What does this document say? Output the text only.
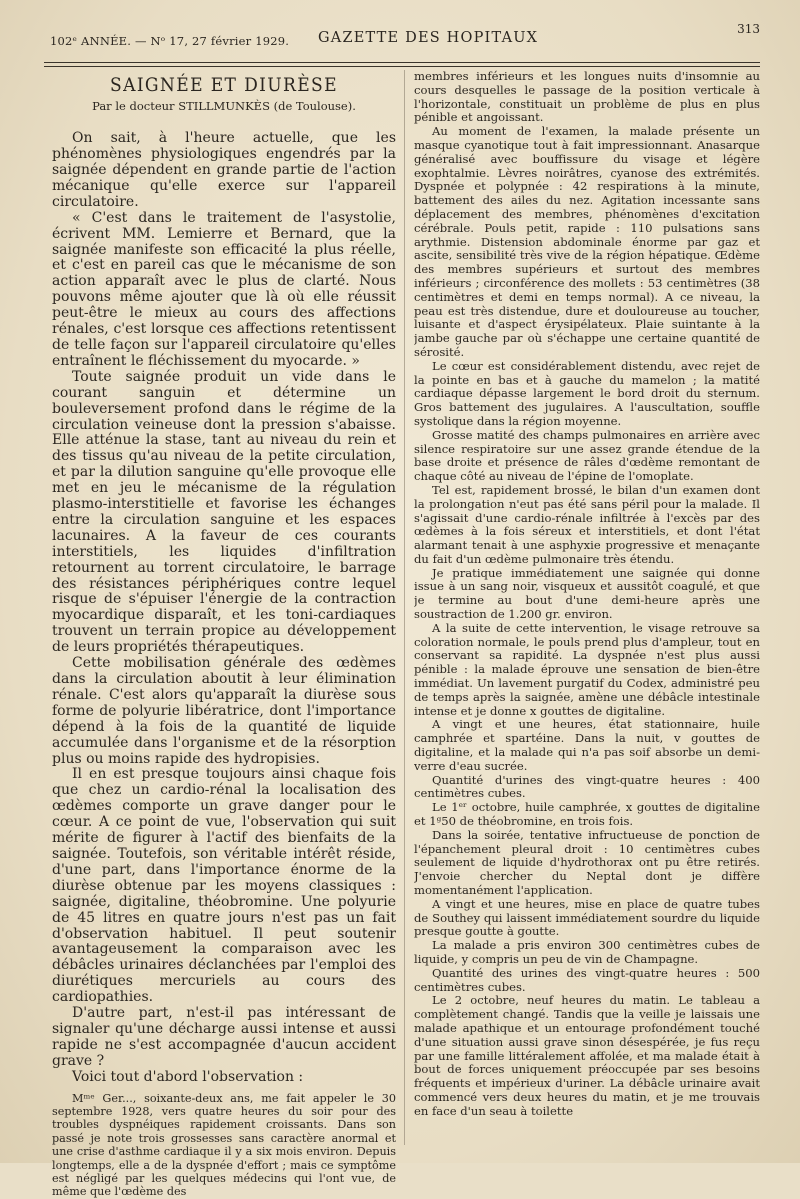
102ᵉ ANNÉE. — Nᵒ 17, 27 février 1929. GAZETTE DES HOPITAUX
313
SAIGNÉE ET DIURÈSE
Par le docteur STILLMUNKÈS (de Toulouse).

On sait, à l'heure actuelle, que les phénomènes physiologiques engendrés par la saignée dépendent en grande partie de l'action mécanique qu'elle exerce sur l'appareil circulatoire.

« C'est dans le traitement de l'asystolie, écrivent MM. Lemierre et Bernard, que la saignée manifeste son efficacité la plus réelle, et c'est en pareil cas que le mécanisme de son action apparaît avec le plus de clarté. Nous pouvons même ajouter que là où elle réussit peut-être le mieux au cours des affections rénales, c'est lorsque ces affections retentissent de telle façon sur l'appareil circulatoire qu'elles entraînent le fléchissement du myocarde. »

Toute saignée produit un vide dans le courant sanguin et détermine un bouleversement profond dans le régime de la circulation veineuse dont la pression s'abaisse. Elle atténue la stase, tant au niveau du rein et des tissus qu'au niveau de la petite circulation, et par la dilution sanguine qu'elle provoque elle met en jeu le mécanisme de la régulation plasmo-interstitielle et favorise les échanges entre la circulation sanguine et les espaces lacunaires. A la faveur de ces courants interstitiels, les liquides d'infiltration retournent au torrent circulatoire, le barrage des résistances périphériques contre lequel risque de s'épuiser l'énergie de la contraction myocardique disparaît, et les toni-cardiaques trouvent un terrain propice au développement de leurs propriétés thérapeutiques.

Cette mobilisation générale des œdèmes dans la circulation aboutit à leur élimination rénale. C'est alors qu'apparaît la diurèse sous forme de polyurie libératrice, dont l'importance dépend à la fois de la quantité de liquide accumulée dans l'organisme et de la résorption plus ou moins rapide des hydropisies.

Il en est presque toujours ainsi chaque fois que chez un cardio-rénal la localisation des œdèmes comporte un grave danger pour le cœur. A ce point de vue, l'observation qui suit mérite de figurer à l'actif des bienfaits de la saignée. Toutefois, son véritable intérêt réside, d'une part, dans l'importance énorme de la diurèse obtenue par les moyens classiques : saignée, digitaline, théobromine. Une polyurie de 45 litres en quatre jours n'est pas un fait d'observation habituel. Il peut soutenir avantageusement la comparaison avec les débâcles urinaires déclanchées par l'emploi des diurétiques mercuriels au cours des cardiopathies.

D'autre part, n'est-il pas intéressant de signaler qu'une décharge aussi intense et aussi rapide ne s'est accompagnée d'aucun accident grave ?

Voici tout d'abord l'observation :

Mᵐᵉ Ger..., soixante-deux ans, me fait appeler le 30 septembre 1928, vers quatre heures du soir pour des troubles dyspnéiques rapidement croissants. Dans son passé je note trois grossesses sans caractère anormal et une crise d'asthme cardiaque il y a six mois environ. Depuis longtemps, elle a de la dyspnée d'effort ; mais ce symptôme est négligé par les quelques médecins qui l'ont vue, de même que l'œdème des

membres inférieurs et les longues nuits d'insomnie au cours desquelles le passage de la position verticale à l'horizontale, constituait un problème de plus en plus pénible et angoissant.

Au moment de l'examen, la malade présente un masque cyanotique tout à fait impressionnant. Anasarque généralisé avec bouffissure du visage et légère exophtalmie. Lèvres noirâtres, cyanose des extrémités. Dyspnée et polypnée : 42 respirations à la minute, battement des ailes du nez. Agitation incessante sans déplacement des membres, phénomènes d'excitation cérébrale. Pouls petit, rapide : 110 pulsations sans arythmie. Distension abdominale énorme par gaz et ascite, sensibilité très vive de la région hépatique. Œdème des membres supérieurs et surtout des membres inférieurs ; circonférence des mollets : 53 centimètres (38 centimètres et demi en temps normal). A ce niveau, la peau est très distendue, dure et douloureuse au toucher, luisante et d'aspect érysipélateux. Plaie suintante à la jambe gauche par où s'échappe une certaine quantité de sérosité.

Le cœur est considérablement distendu, avec rejet de la pointe en bas et à gauche du mamelon ; la matité cardiaque dépasse largement le bord droit du sternum. Gros battement des jugulaires. A l'auscultation, souffle systolique dans la région moyenne.

Grosse matité des champs pulmonaires en arrière avec silence respiratoire sur une assez grande étendue de la base droite et présence de râles d'œdème remontant de chaque côté au niveau de l'épine de l'omoplate.

Tel est, rapidement brossé, le bilan d'un examen dont la prolongation n'eut pas été sans péril pour la malade. Il s'agissait d'une cardio-rénale infiltrée à l'excès par des œdèmes à la fois séreux et interstitiels, et dont l'état alarmant tenait à une asphyxie progressive et menaçante du fait d'un œdème pulmonaire très étendu.

Je pratique immédiatement une saignée qui donne issue à un sang noir, visqueux et aussitôt coagulé, et que je termine au bout d'une demi-heure après une soustraction de 1.200 gr. environ.

A la suite de cette intervention, le visage retrouve sa coloration normale, le pouls prend plus d'ampleur, tout en conservant sa rapidité. La dyspnée n'est plus aussi pénible : la malade éprouve une sensation de bien-être immédiat. Un lavement purgatif du Codex, administré peu de temps après la saignée, amène une débâcle intestinale intense et je donne x gouttes de digitaline.

A vingt et une heures, état stationnaire, huile camphrée et spartéine. Dans la nuit, v gouttes de digitaline, et la malade qui n'a pas soif absorbe un demi-verre d'eau sucrée.

Quantité d'urines des vingt-quatre heures : 400 centimètres cubes.

Le 1ᵉʳ octobre, huile camphrée, x gouttes de digitaline et 1ᵍ50 de théobromine, en trois fois.

Dans la soirée, tentative infructueuse de ponction de l'épanchement pleural droit : 10 centimètres cubes seulement de liquide d'hydrothorax ont pu être retirés. J'envoie chercher du Neptal dont je diffère momentanément l'application.

A vingt et une heures, mise en place de quatre tubes de Southey qui laissent immédiatement sourdre du liquide presque goutte à goutte.

La malade a pris environ 300 centimètres cubes de liquide, y compris un peu de vin de Champagne.

Quantité des urines des vingt-quatre heures : 500 centimètres cubes.

Le 2 octobre, neuf heures du matin. Le tableau a complètement changé. Tandis que la veille je laissais une malade apathique et un entourage profondément touché d'une situation aussi grave sinon désespérée, je fus reçu par une famille littéralement affolée, et ma malade était à bout de forces uniquement préoccupée par ses besoins fréquents et impérieux d'uriner. La débâcle urinaire avait commencé vers deux heures du matin, et je me trouvais en face d'un seau à toilette
